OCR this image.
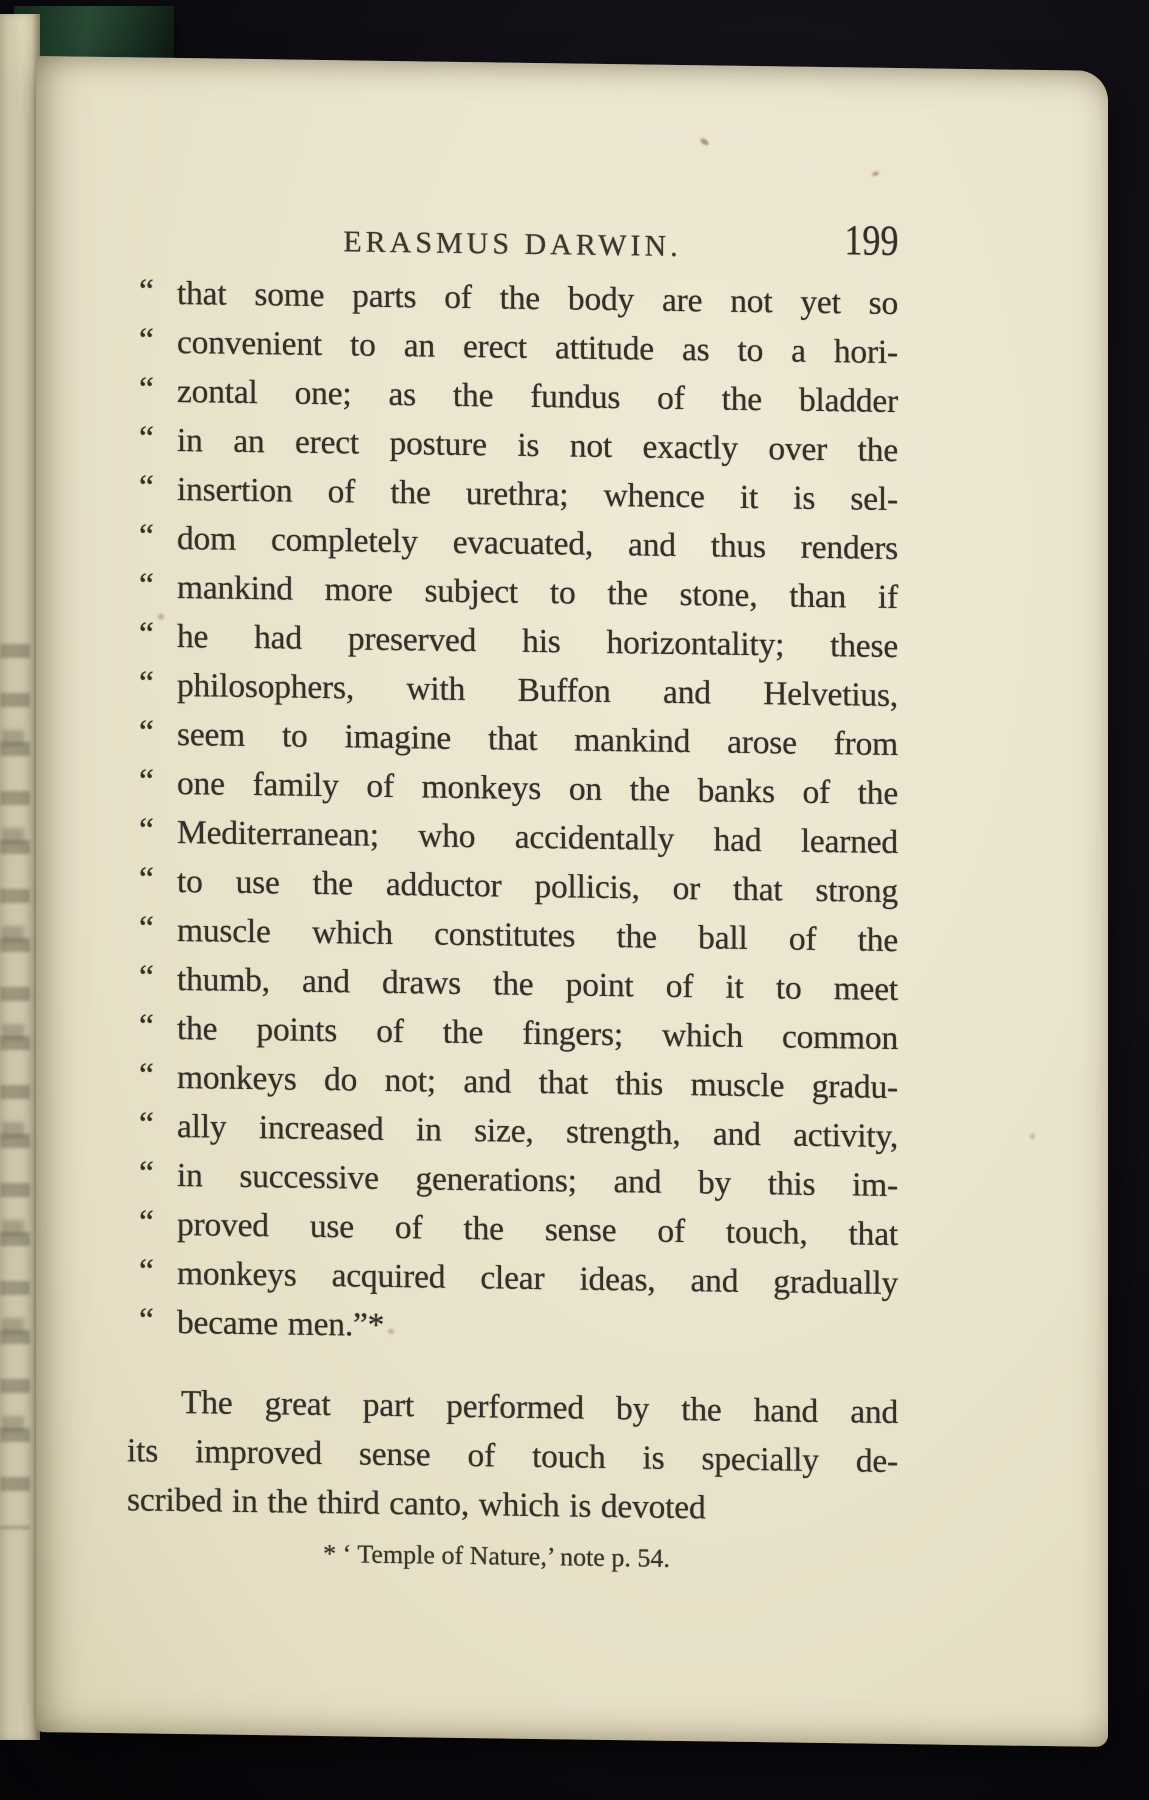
ERASMUS DARWIN.	199
“ that some parts of the body are not yet so
“ convenient to an erect attitude as to a hori-
“ zontal one; as the fundus of the bladder
“ in an erect posture is not exactly over the
“ insertion of the urethra; whence it is sel-
“ dom completely evacuated, and thus renders
“ mankind more subject to the stone, than if
“ he had preserved his horizontality; these
“ philosophers, with Buffon and Helvetius,
“ seem to imagine that mankind arose from
“ one family of monkeys on the banks of the
“ Mediterranean; who accidentally had learned
“ to use the adductor pollicis, or that strong
“ muscle which constitutes the ball of the
“ thumb, and draws the point of it to meet
“ the points of the fingers; which common
“ monkeys do not; and that this muscle gradu-
“ ally increased in size, strength, and activity,
“ in successive generations; and by this im-
“ proved use of the sense of touch, that
“ monkeys acquired clear ideas, and gradually
“ became men.”*
The great part performed by the hand and
its improved sense of touch is specially de-
scribed in the third canto, which is devoted
* ‘ Temple of Nature,’ note p. 54.
